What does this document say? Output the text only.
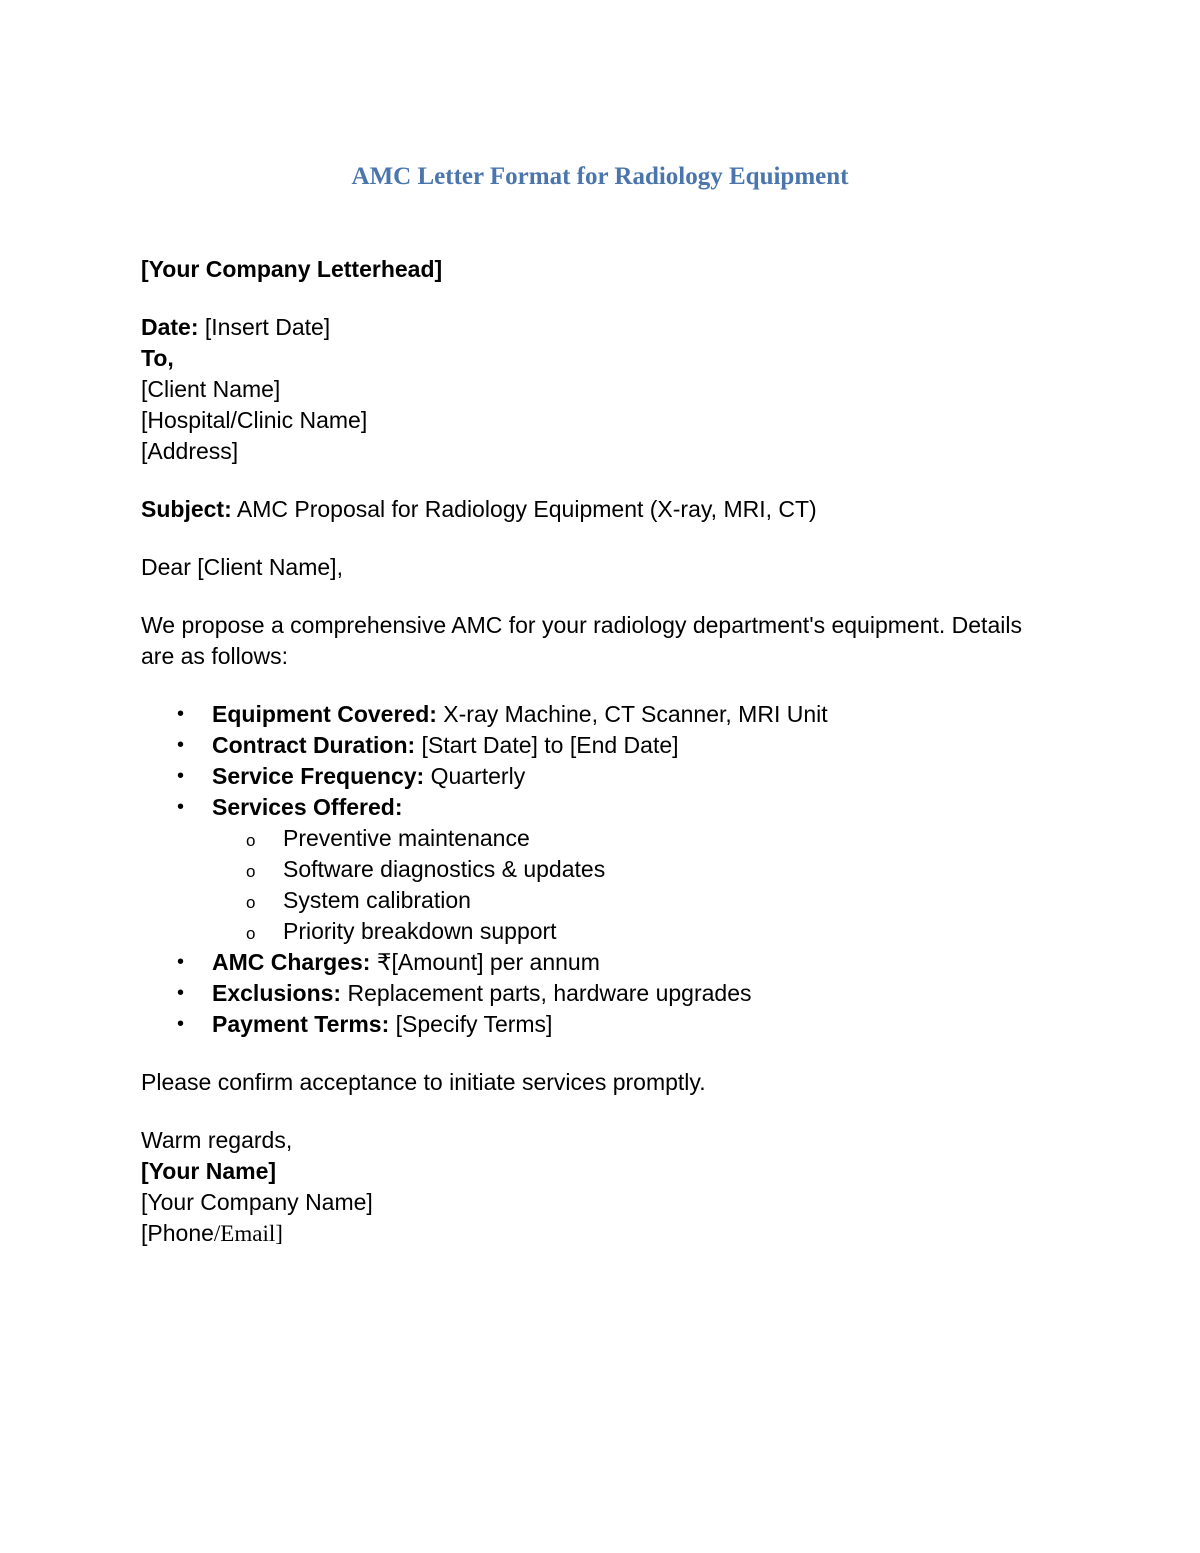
AMC Letter Format for Radiology Equipment

[Your Company Letterhead]

Date: [Insert Date]

To,

[Client Name]

[Hospital/Clinic Name]

[Address]

Subject: AMC Proposal for Radiology Equipment (X-ray, MRI, CT)

Dear [Client Name],

We propose a comprehensive AMC for your radiology department's equipment. Details are as follows:

• Equipment Covered: X-ray Machine, CT Scanner, MRI Unit
• Contract Duration: [Start Date] to [End Date]
• Service Frequency: Quarterly
• Services Offered:
o Preventive maintenance
o Software diagnostics & updates
o System calibration
o Priority breakdown support
• AMC Charges: ₹[Amount] per annum
• Exclusions: Replacement parts, hardware upgrades
• Payment Terms: [Specify Terms]

Please confirm acceptance to initiate services promptly.

Warm regards,

[Your Name]

[Your Company Name]

[Phone/Email]
